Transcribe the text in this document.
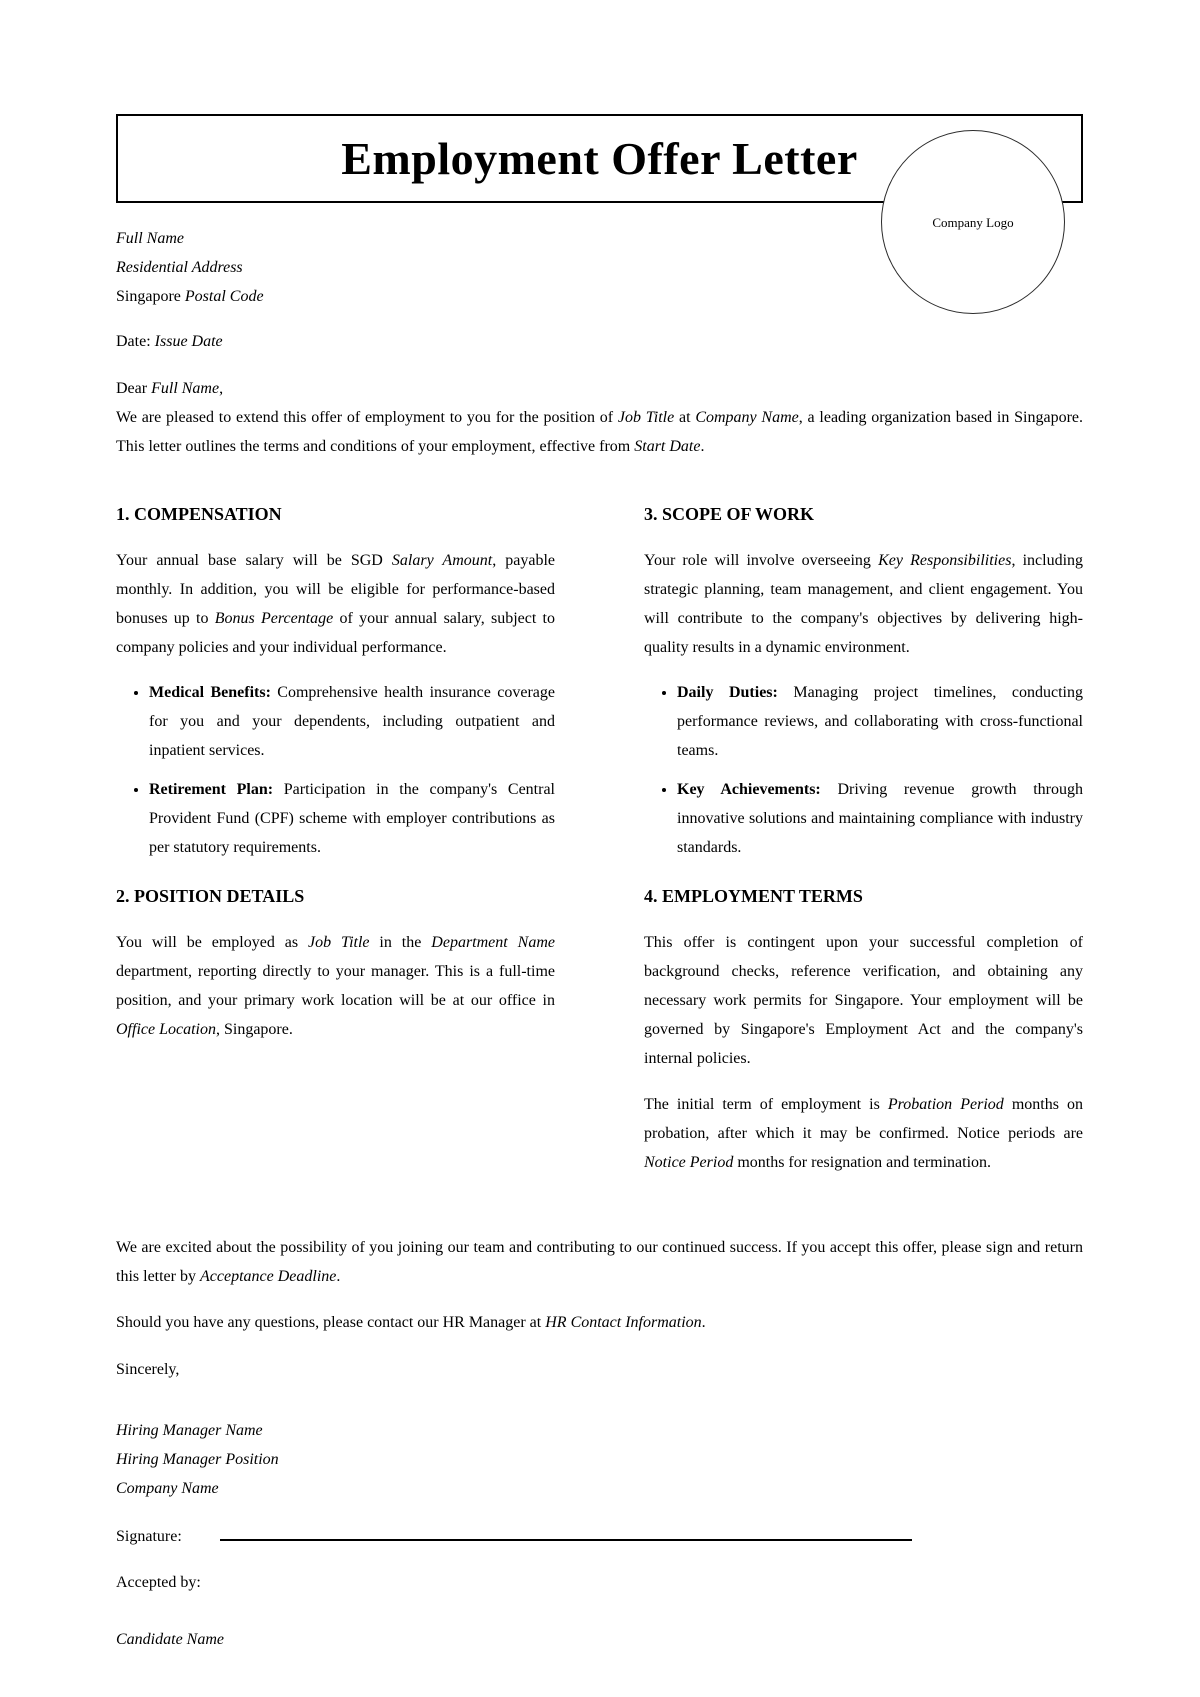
Employment Offer Letter
Company Logo
Full Name
Residential Address
Singapore Postal Code
Date: Issue Date
Dear Full Name,

We are pleased to extend this offer of employment to you for the position of Job Title at Company Name, a leading organization based in Singapore. This letter outlines the terms and conditions of your employment, effective from Start Date.

1. COMPENSATION

Your annual base salary will be SGD Salary Amount, payable monthly. In addition, you will be eligible for performance-based bonuses up to Bonus Percentage of your annual salary, subject to company policies and your individual performance.

• Medical Benefits: Comprehensive health insurance coverage for you and your dependents, including outpatient and inpatient services.
• Retirement Plan: Participation in the company's Central Provident Fund (CPF) scheme with employer contributions as per statutory requirements.
2. POSITION DETAILS

You will be employed as Job Title in the Department Name department, reporting directly to your manager. This is a full-time position, and your primary work location will be at our office in Office Location, Singapore.

3. SCOPE OF WORK

Your role will involve overseeing Key Responsibilities, including strategic planning, team management, and client engagement. You will contribute to the company's objectives by delivering high-quality results in a dynamic environment.

• Daily Duties: Managing project timelines, conducting performance reviews, and collaborating with cross-functional teams.
• Key Achievements: Driving revenue growth through innovative solutions and maintaining compliance with industry standards.
4. EMPLOYMENT TERMS

This offer is contingent upon your successful completion of background checks, reference verification, and obtaining any necessary work permits for Singapore. Your employment will be governed by Singapore's Employment Act and the company's internal policies.

The initial term of employment is Probation Period months on probation, after which it may be confirmed. Notice periods are Notice Period months for resignation and termination.

We are excited about the possibility of you joining our team and contributing to our continued success. If you accept this offer, please sign and return this letter by Acceptance Deadline.

Should you have any questions, please contact our HR Manager at HR Contact Information.
Sincerely,
Hiring Manager Name
Hiring Manager Position
Company Name
Signature:
Accepted by:
Candidate Name
